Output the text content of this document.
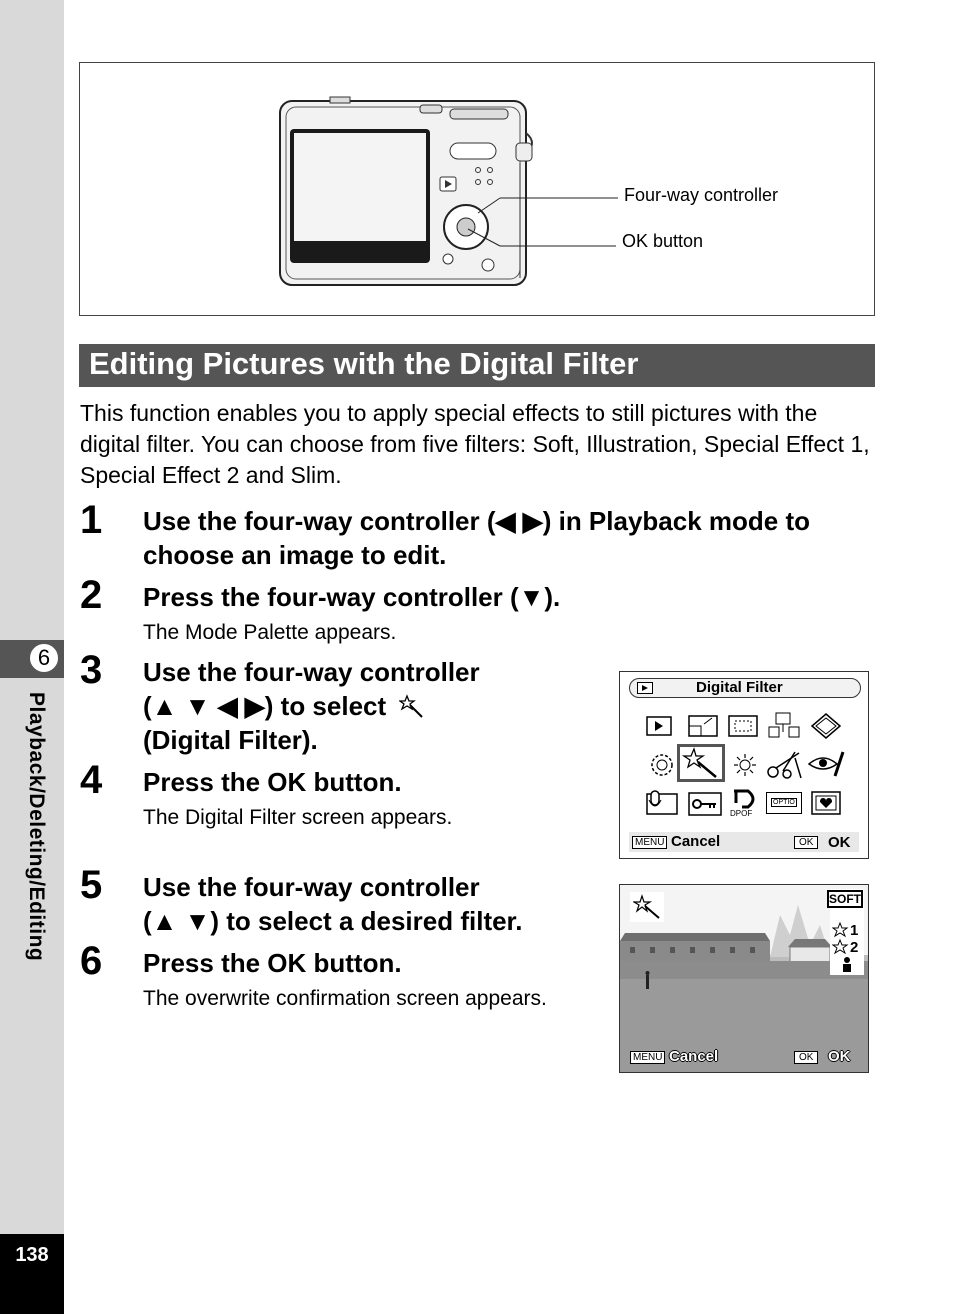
6
Playback/Deleting/Editing
138
Four-way controller
OK button
Editing Pictures with the Digital Filter
This function enables you to apply special effects to still pictures with the digital filter. You can choose from five filters: Soft, Illustration, Special Effect 1, Special Effect 2 and Slim.
1 Use the four-way controller (◀ ▶) in Playback mode to
choose an image to edit.
2 Press the four-way controller (▼).
The Mode Palette appears.
3 Use the four-way controller
(▲ ▼ ◀ ▶) to select
(Digital Filter).
4 Press the OK button.
The Digital Filter screen appears.
5 Use the four-way controller
(▲ ▼) to select a desired filter.
6 Press the OK button.
The overwrite confirmation screen appears.
Digital Filter
DPOF
OPTIO
MENU Cancel	OK OK
SOFT
1
2
MENU Cancel	OK OK
